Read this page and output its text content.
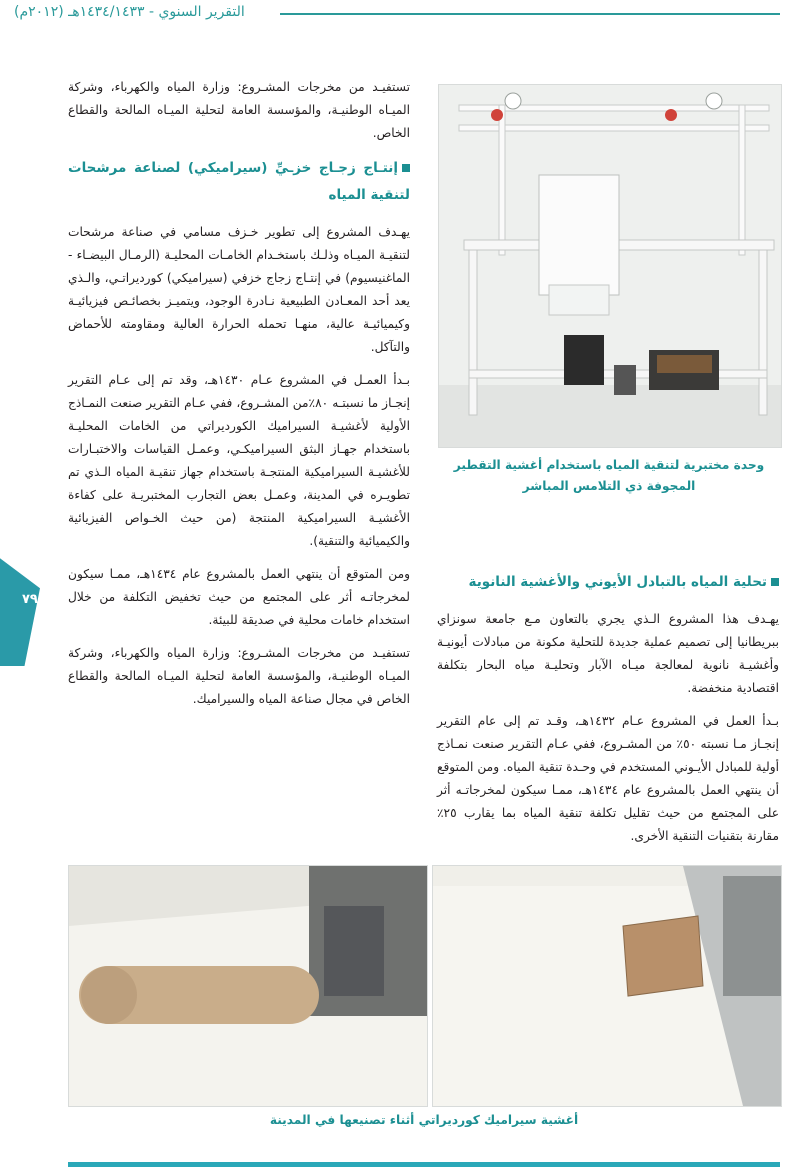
التقرير السنوي - ١٤٣٤/١٤٣٣هـ (٢٠١٢م)
٧٩

تستفيـد من مخرجات المشـروع: وزارة المياه والكهرباء، وشركة الميـاه الوطنيـة، والمؤسسة العامة لتحلية الميـاه المالحة والقطاع الخاص.

إنتـاج زجـاج خزـيِّ (سيراميكي) لصناعة مرشحات لتنقية المياه

يهـدف المشروع إلى تطوير خـزف مسامي في صناعة مرشحات لتنقيـة الميـاه وذلـك باستخـدام الخامـات المحليـة (الرمـال البيضـاء - الماغنيسيوم) في إنتـاج زجاج خزفي (سيراميكي) كورديراتـي، والـذي يعد أحد المعـادن الطبيعية نـادرة الوجود، ويتميـز بخصائـص فيزيائيـة وكيميائيـة عالية، منهـا تحمله الحرارة العالية ومقاومته للأحماض والتآكل.

بـدأ العمـل في المشروع عـام ١٤٣٠هـ، وقد تم إلى عـام التقرير إنجـاز ما نسبتـه ٨٠٪من المشـروع، ففي عـام التقرير صنعت النمـاذج الأولية لأغشيـة السيراميك الكورديراتي من الخامات المحليـة باستخدام جهـاز البثق السيراميكـي، وعمـل القياسات والاختبـارات للأغشيـة السيراميكية المنتجـة باستخدام جهاز تنقيـة المياه الـذي تم تطويـره في المدينة، وعمـل بعض التجارب المختبريـة على كفاءة الأغشيـة السيراميكية المنتجة (من حيث الخـواص الفيزيائية والكيميائية والتنقية).

ومن المتوقع أن ينتهي العمل بالمشروع عام ١٤٣٤هـ، ممـا سيكون لمخرجاتـه أثر على المجتمع من حيث تخفيض التكلفة من خلال استخدام خامات محلية في صديقة للبيئة.

تستفيـد من مخرجات المشـروع: وزارة المياه والكهرباء، وشركة الميـاه الوطنيـة، والمؤسسة العامة لتحلية الميـاه المالحة والقطاع الخاص في مجال صناعة المياه والسيراميك.

وحدة مختبرية لتنقية المياه باستخدام أغشية التقطير المجوفة ذي التلامس المباشر
تحلية المياه بالتبادل الأيوني والأغشية النانوية

يهـدف هذا المشروع الـذي يجري بالتعاون مـع جامعة سونزاي ببريطانيا إلى تصميم عملية جديدة للتحلية مكونة من مبادلات أيونيـة وأغشيـة نانوية لمعالجة ميـاه الآبار وتحليـة مياه البحار بتكلفة اقتصادية منخفضة.

بـدأ العمل في المشروع عـام ١٤٣٢هـ، وقـد تم إلى عام التقرير إنجـاز مـا نسبته ٥٠٪ من المشـروع، ففي عـام التقرير صنعت نمـاذج أولية للمبادل الأيـوني المستخدم في وحـدة تنقية المياه. ومن المتوقع أن ينتهي العمل بالمشروع عام ١٤٣٤هـ، ممـا سيكون لمخرجاتـه أثر على المجتمع من حيث تقليل تكلفة تنقية المياه بما يقارب ٢٥٪ مقارنة بتقنيات التنقية الأخرى.

أغشية سيراميك كورديراتي أثناء تصنيعها في المدينة
